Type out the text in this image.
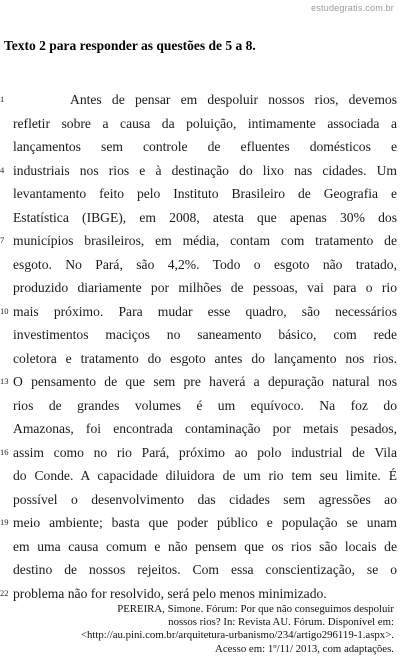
estudegratis.com.br
Texto 2 para responder as questões de 5 a 8.
1	Antes de pensar em despoluir nossos rios, devemos
refletir sobre a causa da poluição, intimamente associada a
lançamentos sem controle de efluentes domésticos e
4 industriais nos rios e à destinação do lixo nas cidades. Um
levantamento feito pelo Instituto Brasileiro de Geografia e
Estatística (IBGE), em 2008, atesta que apenas 30% dos
7 municípios brasileiros, em média, contam com tratamento de
esgoto. No Pará, são 4,2%. Todo o esgoto não tratado,
produzido diariamente por milhões de pessoas, vai para o rio
10 mais próximo. Para mudar esse quadro, são necessários
investimentos maciços no saneamento básico, com rede
coletora e tratamento do esgoto antes do lançamento nos rios.
13 O pensamento de que sem pre haverá a depuração natural nos
rios de grandes volumes é um equívoco. Na foz do
Amazonas, foi encontrada contaminação por metais pesados,
16 assim como no rio Pará, próximo ao polo industrial de Vila
do Conde. A capacidade diluidora de um rio tem seu limite. É
possível o desenvolvimento das cidades sem agressões ao
19 meio ambiente; basta que poder público e população se unam
em uma causa comum e não pensem que os rios são locais de
destino de nossos rejeitos. Com essa conscientização, se o
22 problema não for resolvido, será pelo menos minimizado.
PEREIRA, Simone. Fórum: Por que não conseguimos despoluir
nossos rios? In: Revista AU. Fórum. Disponível em:
<http://au.pini.com.br/arquitetura-urbanismo/234/artigo296119-1.aspx>.
Acesso em: 1º/11/ 2013, com adaptações.
